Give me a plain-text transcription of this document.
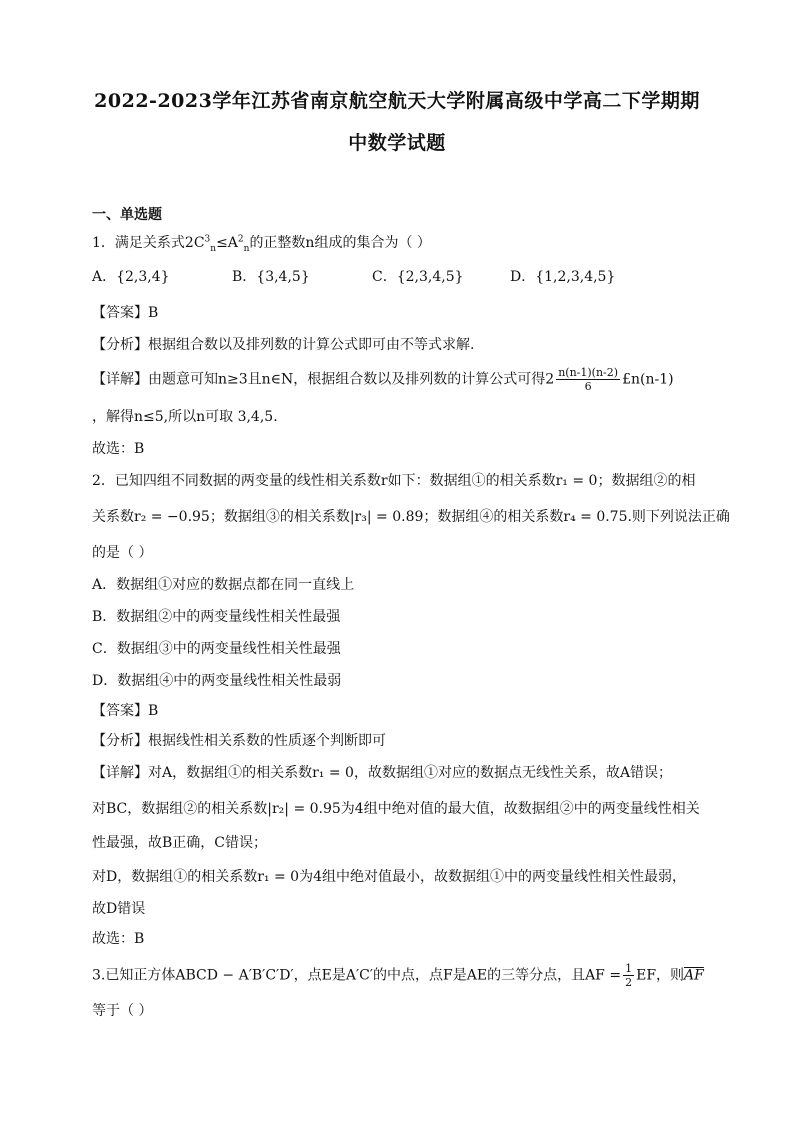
2022-2023学年江苏省南京航空航天大学附属高级中学高二下学期期
中数学试题
一、单选题
1．满足关系式$2C^3_n\le A^2_n$的正整数n组成的集合为（ ）
A．{2,3,4}	B．{3,4,5}	C．{2,3,4,5}	D．{1,2,3,4,5}
【答案】B
【分析】根据组合数以及排列数的计算公式即可由不等式求解.
【详解】由题意可知n≥3且n∈N，根据组合数以及排列数的计算公式可得$2 \frac{n(n-1)(n-2)}{6}$ £n(n-1)
，解得n≤5,所以n可取 3,4,5.
故选：B
2．已知四组不同数据的两变量的线性相关系数r如下：数据组①的相关系数r₁ = 0；数据组②的相
关系数r₂ = −0.95；数据组③的相关系数|r₃| = 0.89；数据组④的相关系数r₄ = 0.75.则下列说法正确
的是（ ）
A．数据组①对应的数据点都在同一直线上
B．数据组②中的两变量线性相关性最强
C．数据组③中的两变量线性相关性最强
D．数据组④中的两变量线性相关性最弱
【答案】B
【分析】根据线性相关系数的性质逐个判断即可
【详解】对A，数据组①的相关系数r₁ = 0，故数据组①对应的数据点无线性关系，故A错误；
对BC，数据组②的相关系数|r₂| = 0.95为4组中绝对值的最大值，故数据组②中的两变量线性相关
性最强，故B正确，C错误；
对D，数据组①的相关系数r₁ = 0为4组中绝对值最小，故数据组①中的两变量线性相关性最弱，
故D错误
故选：B
3.已知正方体ABCD − A′B′C′D′，点E是A′C′的中点，点F是AE的三等分点，且AF = $\frac{1}{2}$ EF，则$\overline{AF}$
等于（ ）
